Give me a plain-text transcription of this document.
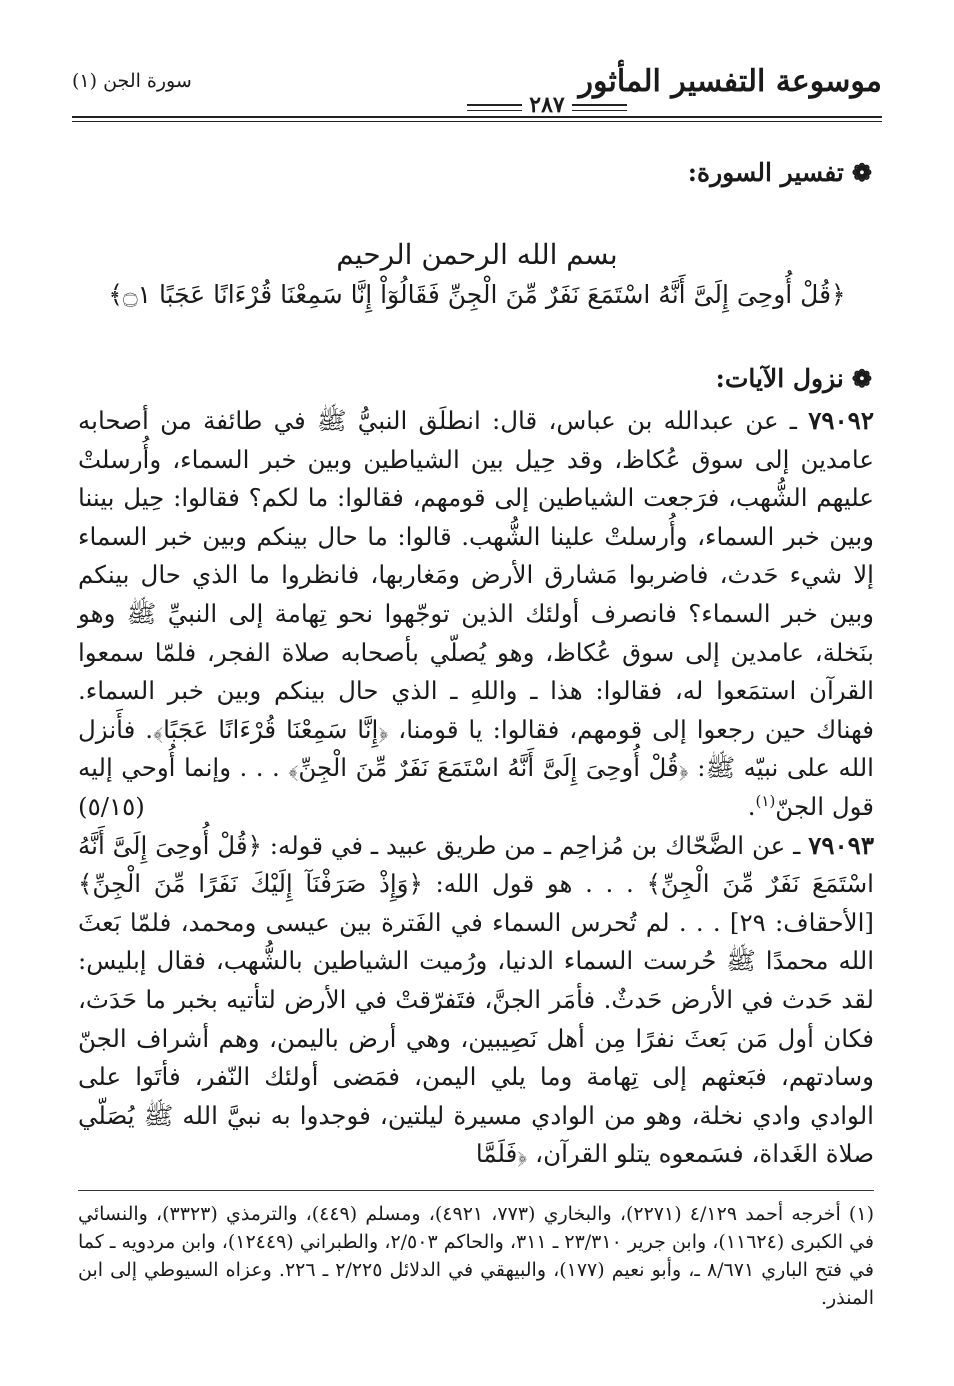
موسوعة التفسير المأثور
٢٨٧
سورة الجن (١)
❁تفسير السورة:
بسم الله الرحمن الرحيم
﴿قُلْ أُوحِىَ إِلَىَّ أَنَّهُ اسْتَمَعَ نَفَرٌ مِّنَ الْجِنِّ فَقَالُوٓاْ إِنَّا سَمِعْنَا قُرْءَانًا عَجَبًا ۝١﴾
❁نزول الآيات:

٧٩٠٩٢ ـ عن عبدالله بن عباس، قال: انطلَق النبيُّ ﷺ في طائفة من أصحابه عامدين إلى سوق عُكاظ، وقد حِيل بين الشياطين وبين خبر السماء، وأُرسلتْ عليهم الشُّهب، فرَجعت الشياطين إلى قومهم، فقالوا: ما لكم؟ فقالوا: حِيل بيننا وبين خبر السماء، وأُرسلتْ علينا الشُّهب. قالوا: ما حال بينكم وبين خبر السماء إلا شيء حَدث، فاضربوا مَشارق الأرض ومَغاربها، فانظروا ما الذي حال بينكم وبين خبر السماء؟ فانصرف أولئك الذين توجّهوا نحو تِهامة إلى النبيِّ ﷺ وهو بنَخلة، عامدين إلى سوق عُكاظ، وهو يُصلّي بأصحابه صلاة الفجر، فلمّا سمعوا القرآن استمَعوا له، فقالوا: هذا ـ واللهِ ـ الذي حال بينكم وبين خبر السماء. فهناك حين رجعوا إلى قومهم، فقالوا: يا قومنا، ﴿إِنَّا سَمِعْنَا قُرْءَانًا عَجَبًا﴾. فأَنزل الله على نبيّه ﷺ: ﴿قُلْ أُوحِىَ إِلَىَّ أَنَّهُ اسْتَمَعَ نَفَرٌ مِّنَ الْجِنِّ﴾ . . . وإنما أُوحي إليه قول الجنّ$^{(١)}$.
(٥/١٥)

٧٩٠٩٣ ـ عن الضَّحّاك بن مُزاحِم ـ من طريق عبيد ـ في قوله: ﴿قُلْ أُوحِىَ إِلَىَّ أَنَّهُ اسْتَمَعَ نَفَرٌ مِّنَ الْجِنِّ﴾ . . . هو قول الله: ﴿وَإِذْ صَرَفْنَآ إِلَيْكَ نَفَرًا مِّنَ الْجِنِّ﴾ [الأحقاف: ٢٩] . . . لم تُحرس السماء في الفَترة بين عيسى ومحمد، فلمّا بَعثَ الله محمدًا ﷺ حُرست السماء الدنيا، ورُميت الشياطين بالشُّهب، فقال إبليس: لقد حَدث في الأرض حَدثٌ. فأمَر الجنَّ، فتَفرّقتْ في الأرض لتأتيه بخبر ما حَدَث، فكان أول مَن بَعثَ نفرًا مِن أهل نَصِيبين، وهي أرض باليمن، وهم أشراف الجنّ وسادتهم، فبَعثهم إلى تِهامة وما يلي اليمن، فمَضى أولئك النّفر، فأتَوا على الوادي وادي نخلة، وهو من الوادي مسيرة ليلتين، فوجدوا به نبيَّ الله ﷺ يُصَلّي صلاة الغَداة، فسَمعوه يتلو القرآن، ﴿فَلَمَّا

(١) أخرجه أحمد ٤/١٢٩ (٢٢٧١)، والبخاري (٧٧٣، ٤٩٢١)، ومسلم (٤٤٩)، والترمذي (٣٣٢٣)، والنسائي في الكبرى (١١٦٢٤)، وابن جرير ٢٣/٣١٠ ـ ٣١١، والحاكم ٢/٥٠٣، والطبراني (١٢٤٤٩)، وابن مردويه ـ كما في فتح الباري ٨/٦٧١ ـ، وأبو نعيم (١٧٧)، والبيهقي في الدلائل ٢/٢٢٥ ـ ٢٢٦. وعزاه السيوطي إلى ابن المنذر.
